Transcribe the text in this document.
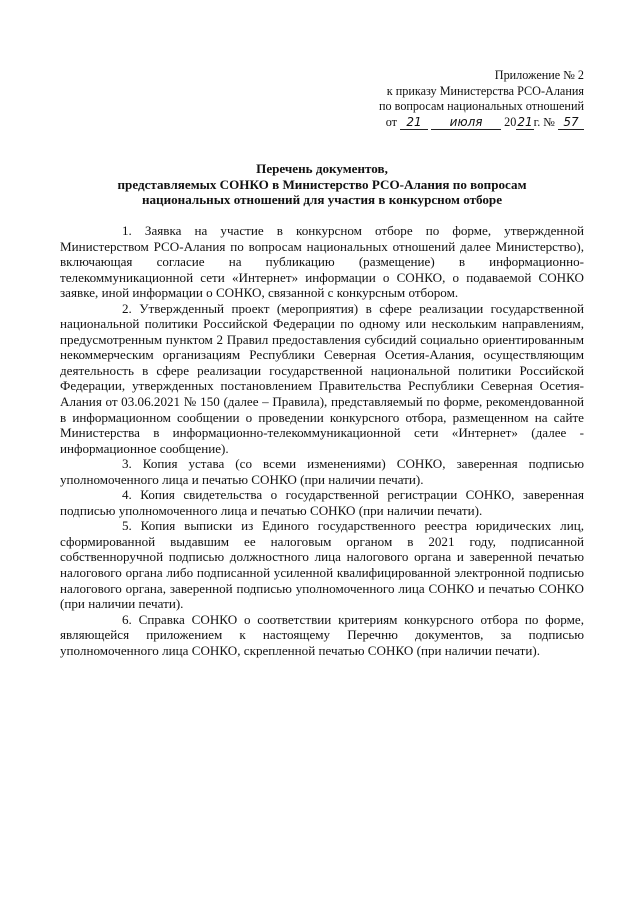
Приложение № 2
к приказу Министерства РСО-Алания
по вопросам национальных отношений
от 21 июля 2021г. № 57
Перечень документов,
представляемых СОНКО в Министерство РСО-Алания по вопросам
национальных отношений для участия в конкурсном отборе

1. Заявка на участие в конкурсном отборе по форме, утвержденной Министерством РСО-Алания по вопросам национальных отношений далее Министерство), включающая согласие на публикацию (размещение) в информационно-телекоммуникационной сети «Интернет» информации о СОНКО, о подаваемой СОНКО заявке, иной информации о СОНКО, связанной с конкурсным отбором.

2. Утвержденный проект (мероприятия) в сфере реализации государственной национальной политики Российской Федерации по одному или нескольким направлениям, предусмотренным пунктом 2 Правил предоставления субсидий социально ориентированным некоммерческим организациям Республики Северная Осетия-Алания, осуществляющим деятельность в сфере реализации государственной национальной политики Российской Федерации, утвержденных постановлением Правительства Республики Северная Осетия-Алания от 03.06.2021 № 150 (далее – Правила), представляемый по форме, рекомендованной в информационном сообщении о проведении конкурсного отбора, размещенном на сайте Министерства в информационно-телекоммуникационной сети «Интернет» (далее - информационное сообщение).

3. Копия устава (со всеми изменениями) СОНКО, заверенная подписью уполномоченного лица и печатью СОНКО (при наличии печати).

4. Копия свидетельства о государственной регистрации СОНКО, заверенная подписью уполномоченного лица и печатью СОНКО (при наличии печати).

5. Копия выписки из Единого государственного реестра юридических лиц, сформированной выдавшим ее налоговым органом в 2021 году, подписанной собственноручной подписью должностного лица налогового органа и заверенной печатью налогового органа либо подписанной усиленной квалифицированной электронной подписью налогового органа, заверенной подписью уполномоченного лица СОНКО и печатью СОНКО (при наличии печати).

6. Справка СОНКО о соответствии критериям конкурсного отбора по форме, являющейся приложением к настоящему Перечню документов, за подписью уполномоченного лица СОНКО, скрепленной печатью СОНКО (при наличии печати).
